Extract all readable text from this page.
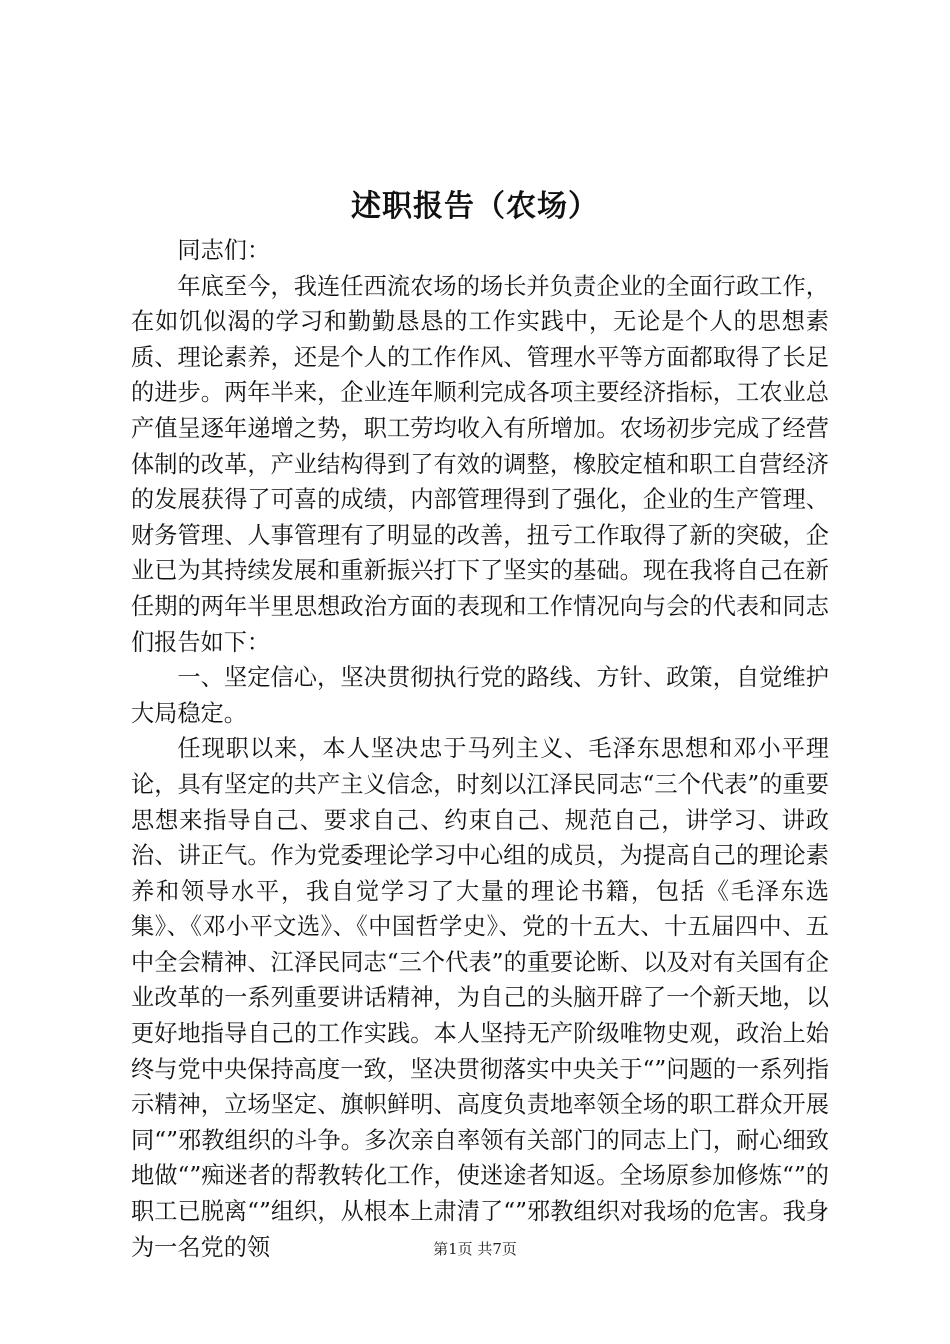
述职报告（农场）

同志们：

年底至今，我连任西流农场的场长并负责企业的全面行政工作，在如饥似渴的学习和勤勤恳恳的工作实践中，无论是个人的思想素质、理论素养，还是个人的工作作风、管理水平等方面都取得了长足的进步。两年半来，企业连年顺利完成各项主要经济指标，工农业总产值呈逐年递增之势，职工劳均收入有所增加。农场初步完成了经营体制的改革，产业结构得到了有效的调整，橡胶定植和职工自营经济的发展获得了可喜的成绩，内部管理得到了强化，企业的生产管理、财务管理、人事管理有了明显的改善，扭亏工作取得了新的突破，企业已为其持续发展和重新振兴打下了坚实的基础。现在我将自己在新任期的两年半里思想政治方面的表现和工作情况向与会的代表和同志们报告如下：

一、坚定信心，坚决贯彻执行党的路线、方针、政策，自觉维护大局稳定。

任现职以来，本人坚决忠于马列主义、毛泽东思想和邓小平理论，具有坚定的共产主义信念，时刻以江泽民同志“三个代表”的重要思想来指导自己、要求自己、约束自己、规范自己，讲学习、讲政治、讲正气。作为党委理论学习中心组的成员，为提高自己的理论素养和领导水平，我自觉学习了大量的理论书籍，包括《毛泽东选集》、《邓小平文选》、《中国哲学史》、党的十五大、十五届四中、五中全会精神、江泽民同志“三个代表”的重要论断、以及对有关国有企业改革的一系列重要讲话精神，为自己的头脑开辟了一个新天地，以更好地指导自己的工作实践。本人坚持无产阶级唯物史观，政治上始终与党中央保持高度一致，坚决贯彻落实中央关于“”问题的一系列指示精神，立场坚定、旗帜鲜明、高度负责地率领全场的职工群众开展同“”邪教组织的斗争。多次亲自率领有关部门的同志上门，耐心细致地做“”痴迷者的帮教转化工作，使迷途者知返。全场原参加修炼“”的职工已脱离“”组织，从根本上肃清了“”邪教组织对我场的危害。我身为一名党的领	第1页 共7页
